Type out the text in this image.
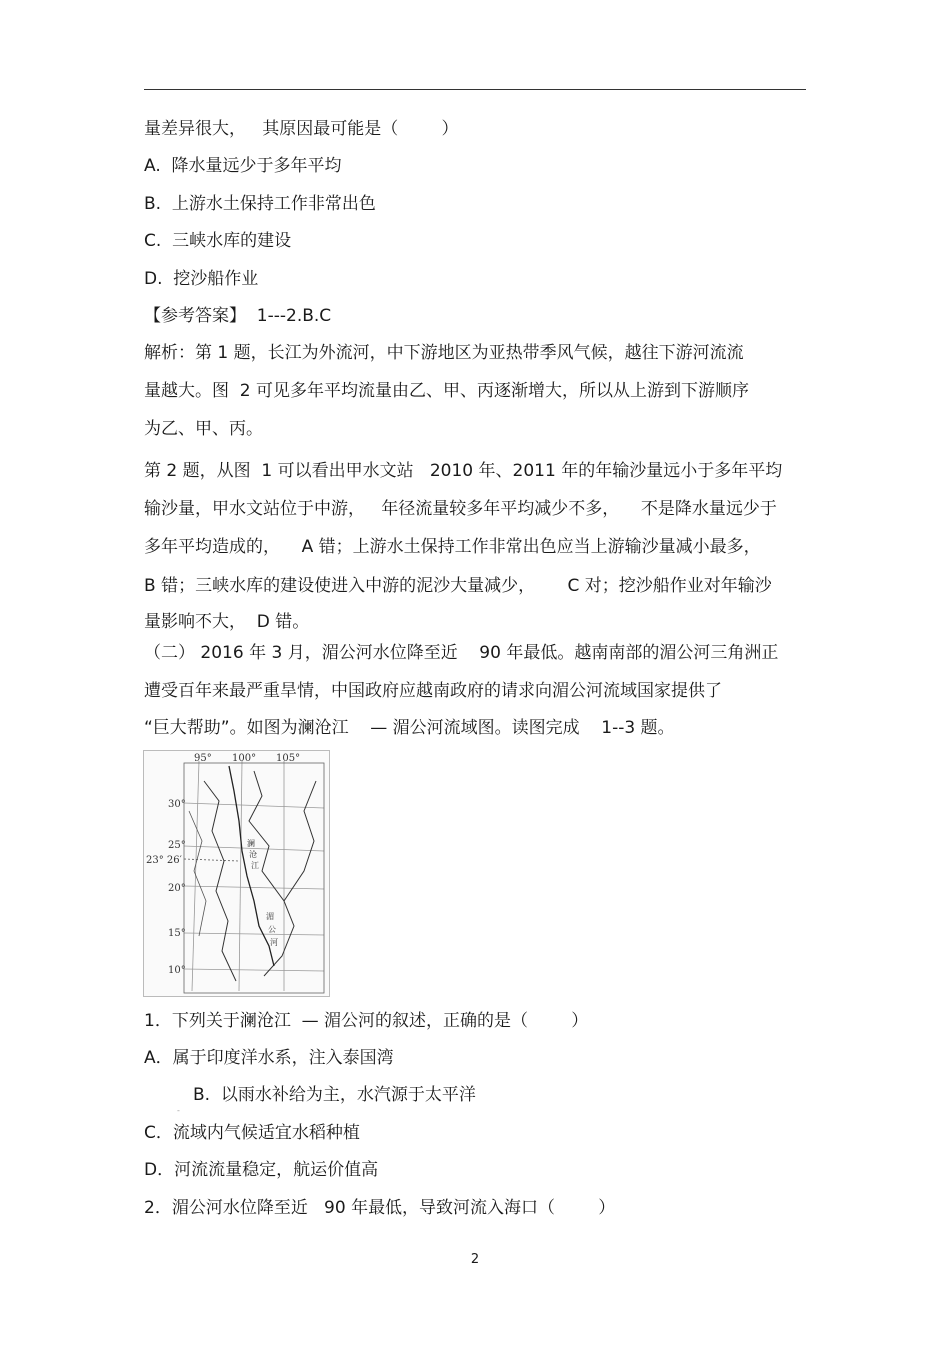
量差异很大，   其原因最可能是（        ）
A.  降水量远少于多年平均
B.  上游水土保持工作非常出色
C.  三峡水库的建设
D.  挖沙船作业
【参考答案】  1---2.B.C
解析：第 1 题，长江为外流河，中下游地区为亚热带季风气候，越往下游河流流
量越大。图  2 可见多年平均流量由乙、甲、丙逐渐增大，所以从上游到下游顺序
为乙、甲、丙。
第 2 题，从图  1 可以看出甲水文站   2010 年、2011 年的年输沙量远小于多年平均
输沙量，甲水文站位于中游，   年径流量较多年平均减少不多，    不是降水量远少于
多年平均造成的，    A 错；上游水土保持工作非常出色应当上游输沙量减小最多，
B 错；三峡水库的建设使进入中游的泥沙大量减少，      C 对；挖沙船作业对年输沙
量影响不大，  D 错。
（二） 2016 年 3 月，湄公河水位降至近    90 年最低。越南南部的湄公河三角洲正
遭受百年来最严重旱情，中国政府应越南政府的请求向湄公河流域国家提供了
“巨大帮助”。如图为澜沧江    — 湄公河流域图。读图完成    1--3 题。
95° 100° 105°
30°
25°
23° 26′
20°
15°
10°
澜
沧
江
湄
公
河
1．下列关于澜沧江  — 湄公河的叙述，正确的是（        ）
A．属于印度洋水系，注入泰国湾
-
B.  以雨水补给为主，水汽源于太平洋
C．流域内气候适宜水稻种植
D．河流流量稳定，航运价值高
2．湄公河水位降至近   90 年最低，导致河流入海口（        ）
2
